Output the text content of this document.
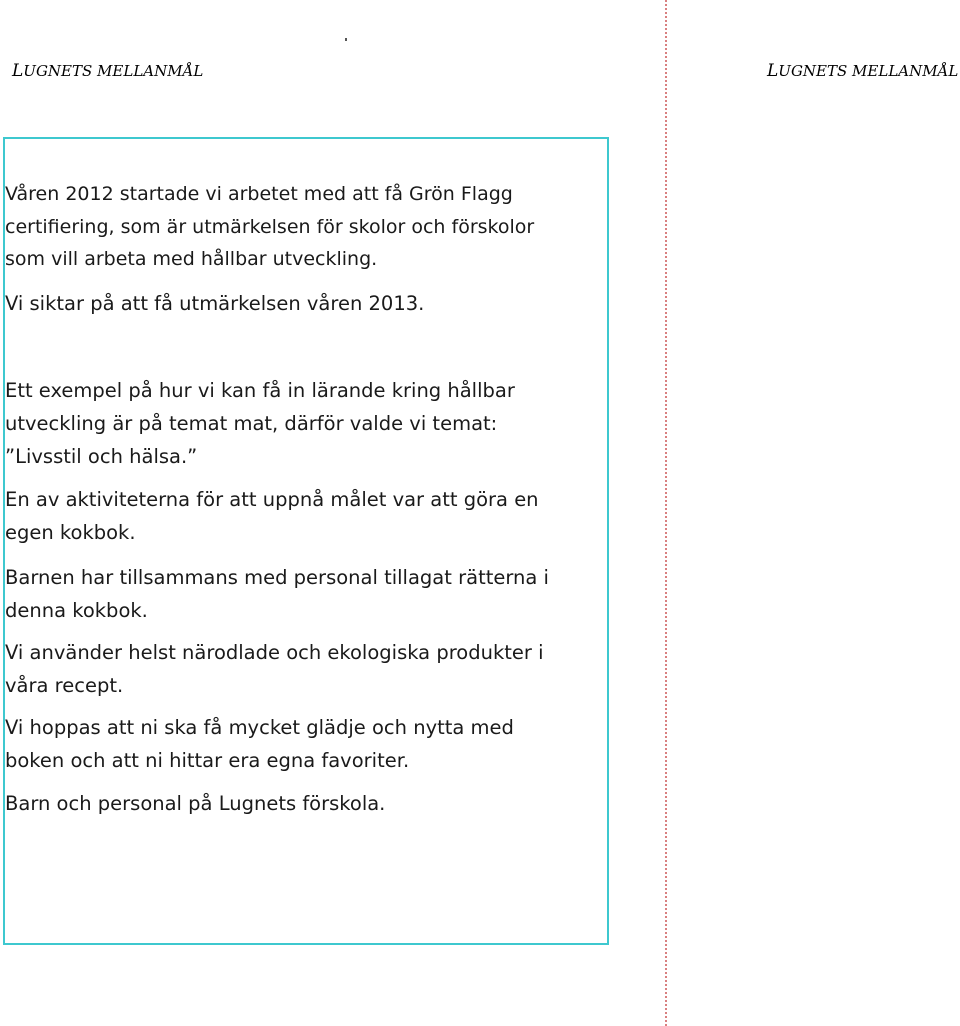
LUGNETS MELLANMÅL	LUGNETS MELLANMÅL

Våren 2012 startade vi arbetet med att få Grön Flagg
certifiering, som är utmärkelsen för skolor och förskolor
som vill arbeta med hållbar utveckling.

Vi siktar på att få utmärkelsen våren 2013.

Ett exempel på hur vi kan få in lärande kring hållbar
utveckling är på temat mat, därför valde vi temat:
”Livsstil och hälsa.”

En av aktiviteterna för att uppnå målet var att göra en
egen kokbok.

Barnen har tillsammans med personal tillagat rätterna i
denna kokbok.

Vi använder helst närodlade och ekologiska produkter i
våra recept.

Vi hoppas att ni ska få mycket glädje och nytta med
boken och att ni hittar era egna favoriter.

Barn och personal på Lugnets förskola.
